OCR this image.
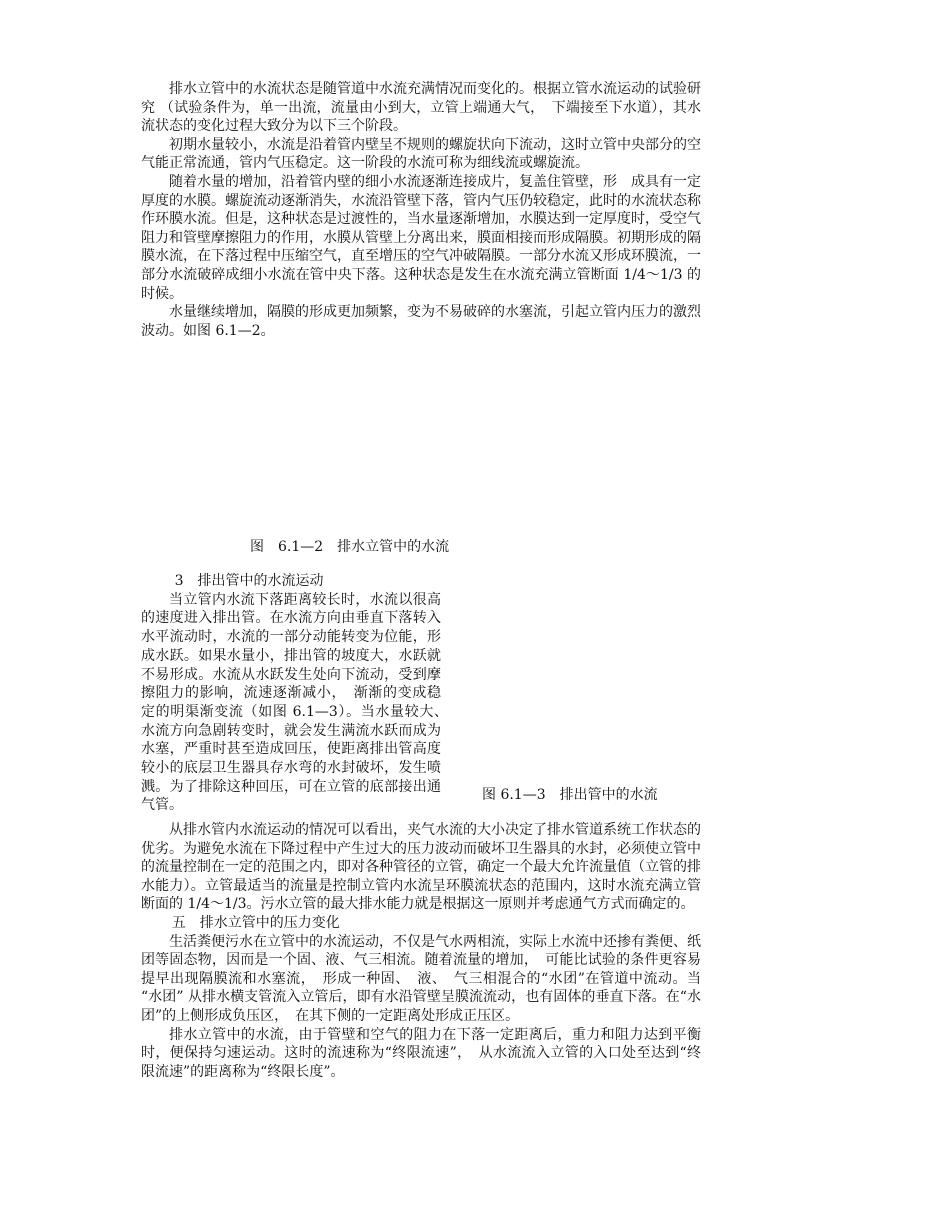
排水立管中的水流状态是随管道中水流充满情况而变化的。根据立管水流运动的试验研究 （试验条件为，单一出流，流量由小到大，立管上端通大气，　下端接至下水道），其水流状态的变化过程大致分为以下三个阶段。

初期水量较小，水流是沿着管内壁呈不规则的螺旋状向下流动，这时立管中央部分的空气能正常流通，管内气压稳定。这一阶段的水流可称为细线流或螺旋流。

随着水量的增加，沿着管内壁的细小水流逐渐连接成片，复盖住管壁，形　成具有一定厚度的水膜。螺旋流动逐渐消失，水流沿管壁下落，管内气压仍较稳定，此时的水流状态称作环膜水流。但是，这种状态是过渡性的，当水量逐渐增加，水膜达到一定厚度时，受空气阻力和管壁摩擦阻力的作用，水膜从管壁上分离出来，膜面相接而形成隔膜。初期形成的隔膜水流，在下落过程中压缩空气，直至增压的空气冲破隔膜。一部分水流又形成环膜流，一部分水流破碎成细小水流在管中央下落。这种状态是发生在水流充满立管断面 1/4～1/3 的时候。

水量继续增加，隔膜的形成更加频繁，变为不易破碎的水塞流，引起立管内压力的激烈波动。如图 6.1—2。

图　6.1—2　排水立管中的水流

3　排出管中的水流运动

当立管内水流下落距离较长时，水流以很高的速度进入排出管。在水流方向由垂直下落转入水平流动时，水流的一部分动能转变为位能，形成水跃。如果水量小，排出管的坡度大，水跃就不易形成。水流从水跃发生处向下流动，受到摩擦阻力的影响，流速逐渐减小，　渐渐的变成稳定的明渠渐变流（如图 6.1—3）。当水量较大、　水流方向急剧转变时，就会发生满流水跃而成为水塞，严重时甚至造成回压，使距离排出管高度较小的底层卫生器具存水弯的水封破坏，发生喷溅。为了排除这种回压，可在立管的底部接出通气管。

图 6.1—3　排出管中的水流

从排水管内水流运动的情况可以看出，夹气水流的大小决定了排水管道系统工作状态的优劣。为避免水流在下降过程中产生过大的压力波动而破坏卫生器具的水封，必须使立管中的流量控制在一定的范围之内，即对各种管径的立管，确定一个最大允许流量值（立管的排水能力）。立管最适当的流量是控制立管内水流呈环膜流状态的范围内，这时水流充满立管断面的 1/4～1/3。污水立管的最大排水能力就是根据这一原则并考虑通气方式而确定的。

五　排水立管中的压力变化

生活粪便污水在立管中的水流运动，不仅是气水两相流，实际上水流中还掺有粪便、纸团等固态物，因而是一个固、液、气三相流。随着流量的增加，　可能比试验的条件更容易提早出现隔膜流和水塞流，　形成一种固、　液、　气三相混合的“水团”在管道中流动。当 “水团” 从排水横支管流入立管后，即有水沿管壁呈膜流流动，也有固体的垂直下落。在“水团”的上侧形成负压区，　在其下侧的一定距离处形成正压区。

排水立管中的水流，由于管壁和空气的阻力在下落一定距离后，重力和阻力达到平衡时，便保持匀速运动。这时的流速称为“终限流速”，　从水流流入立管的入口处至达到“终限流速”的距离称为“终限长度”。
